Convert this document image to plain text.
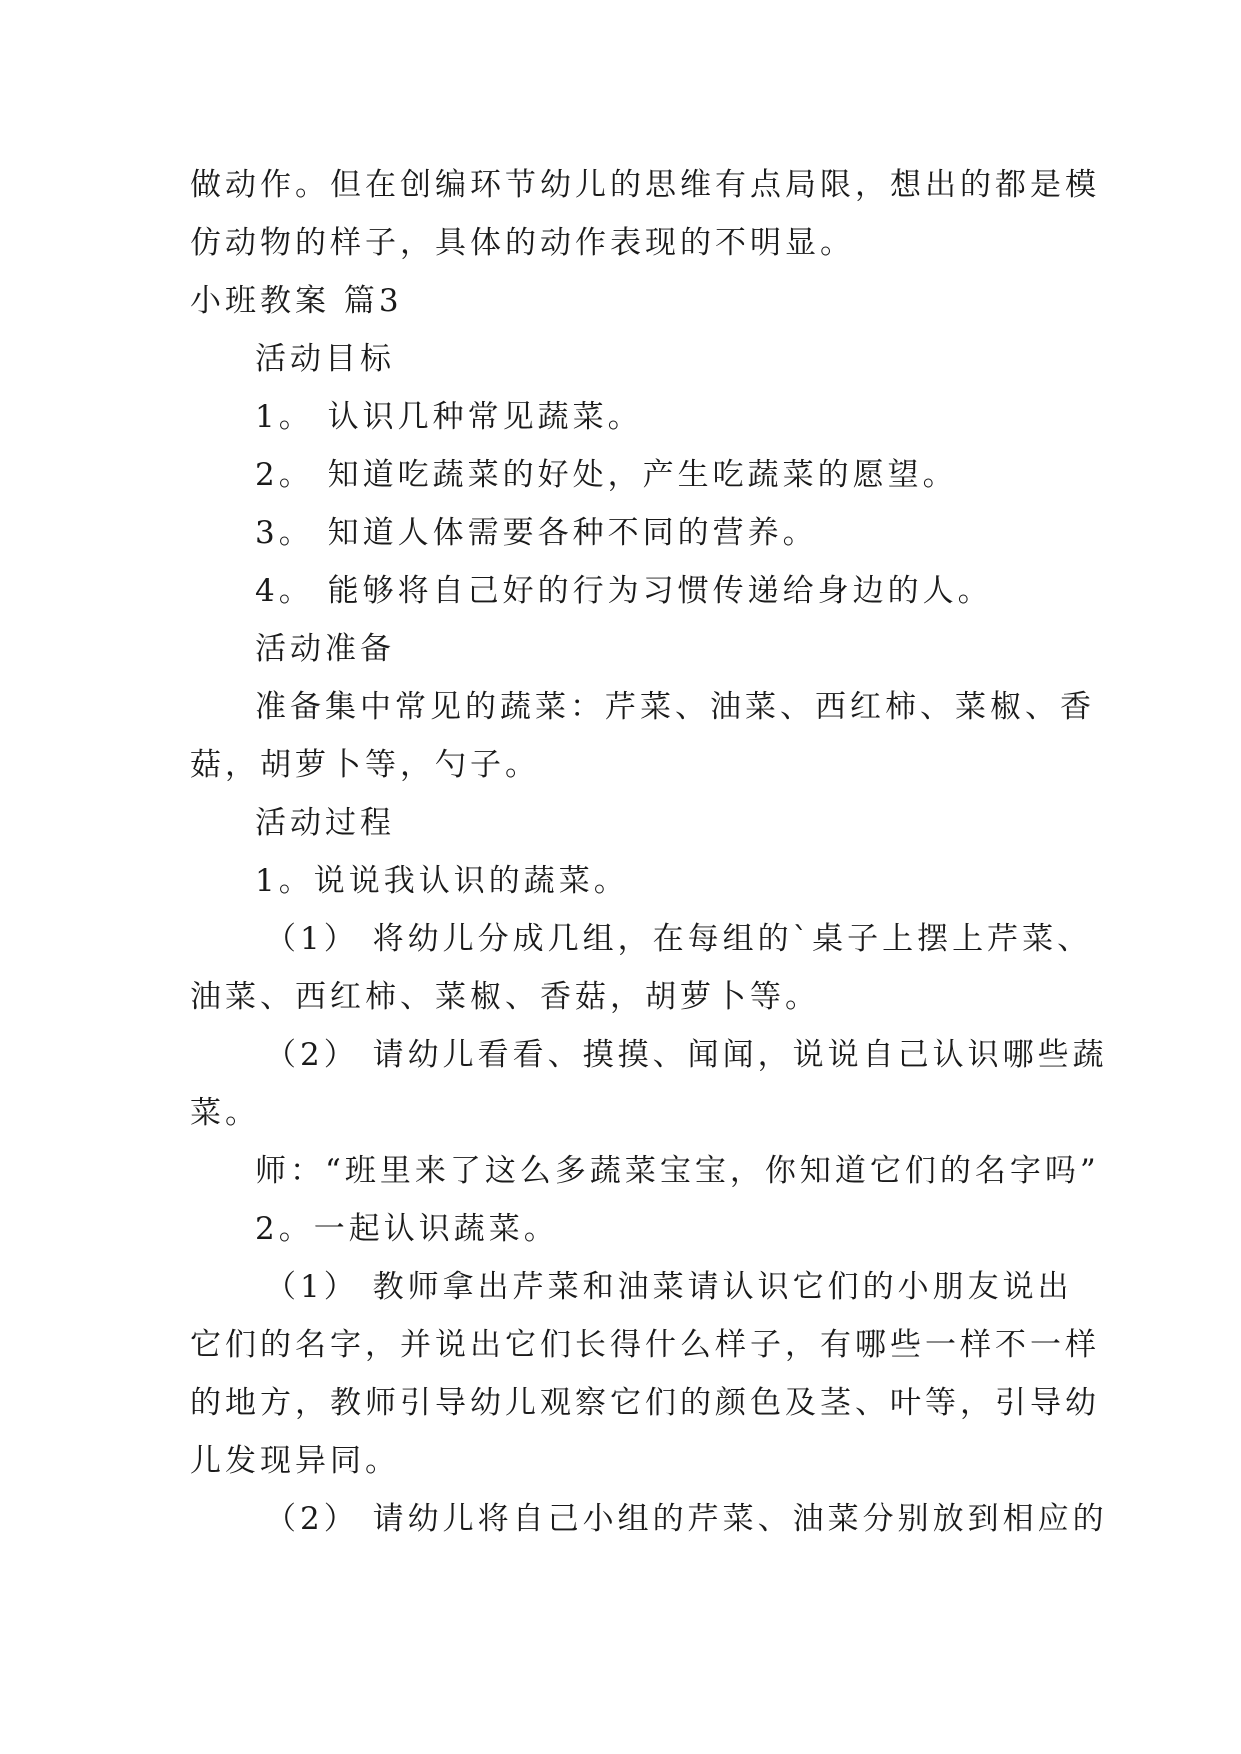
做动作。但在创编环节幼儿的思维有点局限，想出的都是模

仿动物的样子，具体的动作表现的不明显。

小班教案 篇3

活动目标

1。 认识几种常见蔬菜。

2。 知道吃蔬菜的好处，产生吃蔬菜的愿望。

3。 知道人体需要各种不同的营养。

4。 能够将自己好的行为习惯传递给身边的人。

活动准备

准备集中常见的蔬菜：芹菜、油菜、西红柿、菜椒、香

菇，胡萝卜等，勺子。

活动过程

1。说说我认识的蔬菜。

（1） 将幼儿分成几组，在每组的`桌子上摆上芹菜、

油菜、西红柿、菜椒、香菇，胡萝卜等。

（2） 请幼儿看看、摸摸、闻闻，说说自己认识哪些蔬

菜。

师：“班里来了这么多蔬菜宝宝，你知道它们的名字吗”

2。一起认识蔬菜。

（1） 教师拿出芹菜和油菜请认识它们的小朋友说出

它们的名字，并说出它们长得什么样子，有哪些一样不一样

的地方，教师引导幼儿观察它们的颜色及茎、叶等，引导幼

儿发现异同。

（2） 请幼儿将自己小组的芹菜、油菜分别放到相应的
